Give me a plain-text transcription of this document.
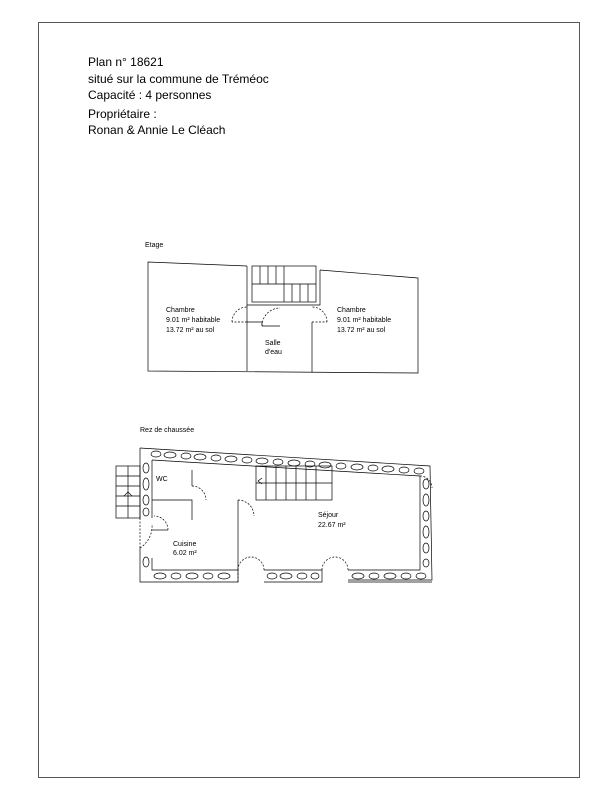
Plan n° 18621
situé sur la commune de Tréméoc
Capacité : 4 personnes
Propriétaire :
Ronan & Annie Le Cléach
Etage
Chambre
9.01 m² habitable
13.72 m² au sol
Chambre
9.01 m² habitable
13.72 m² au sol
Salle
d'eau
Rez de chaussée
WC
Séjour
22.67 m²
Cuisine
6.02 m²
